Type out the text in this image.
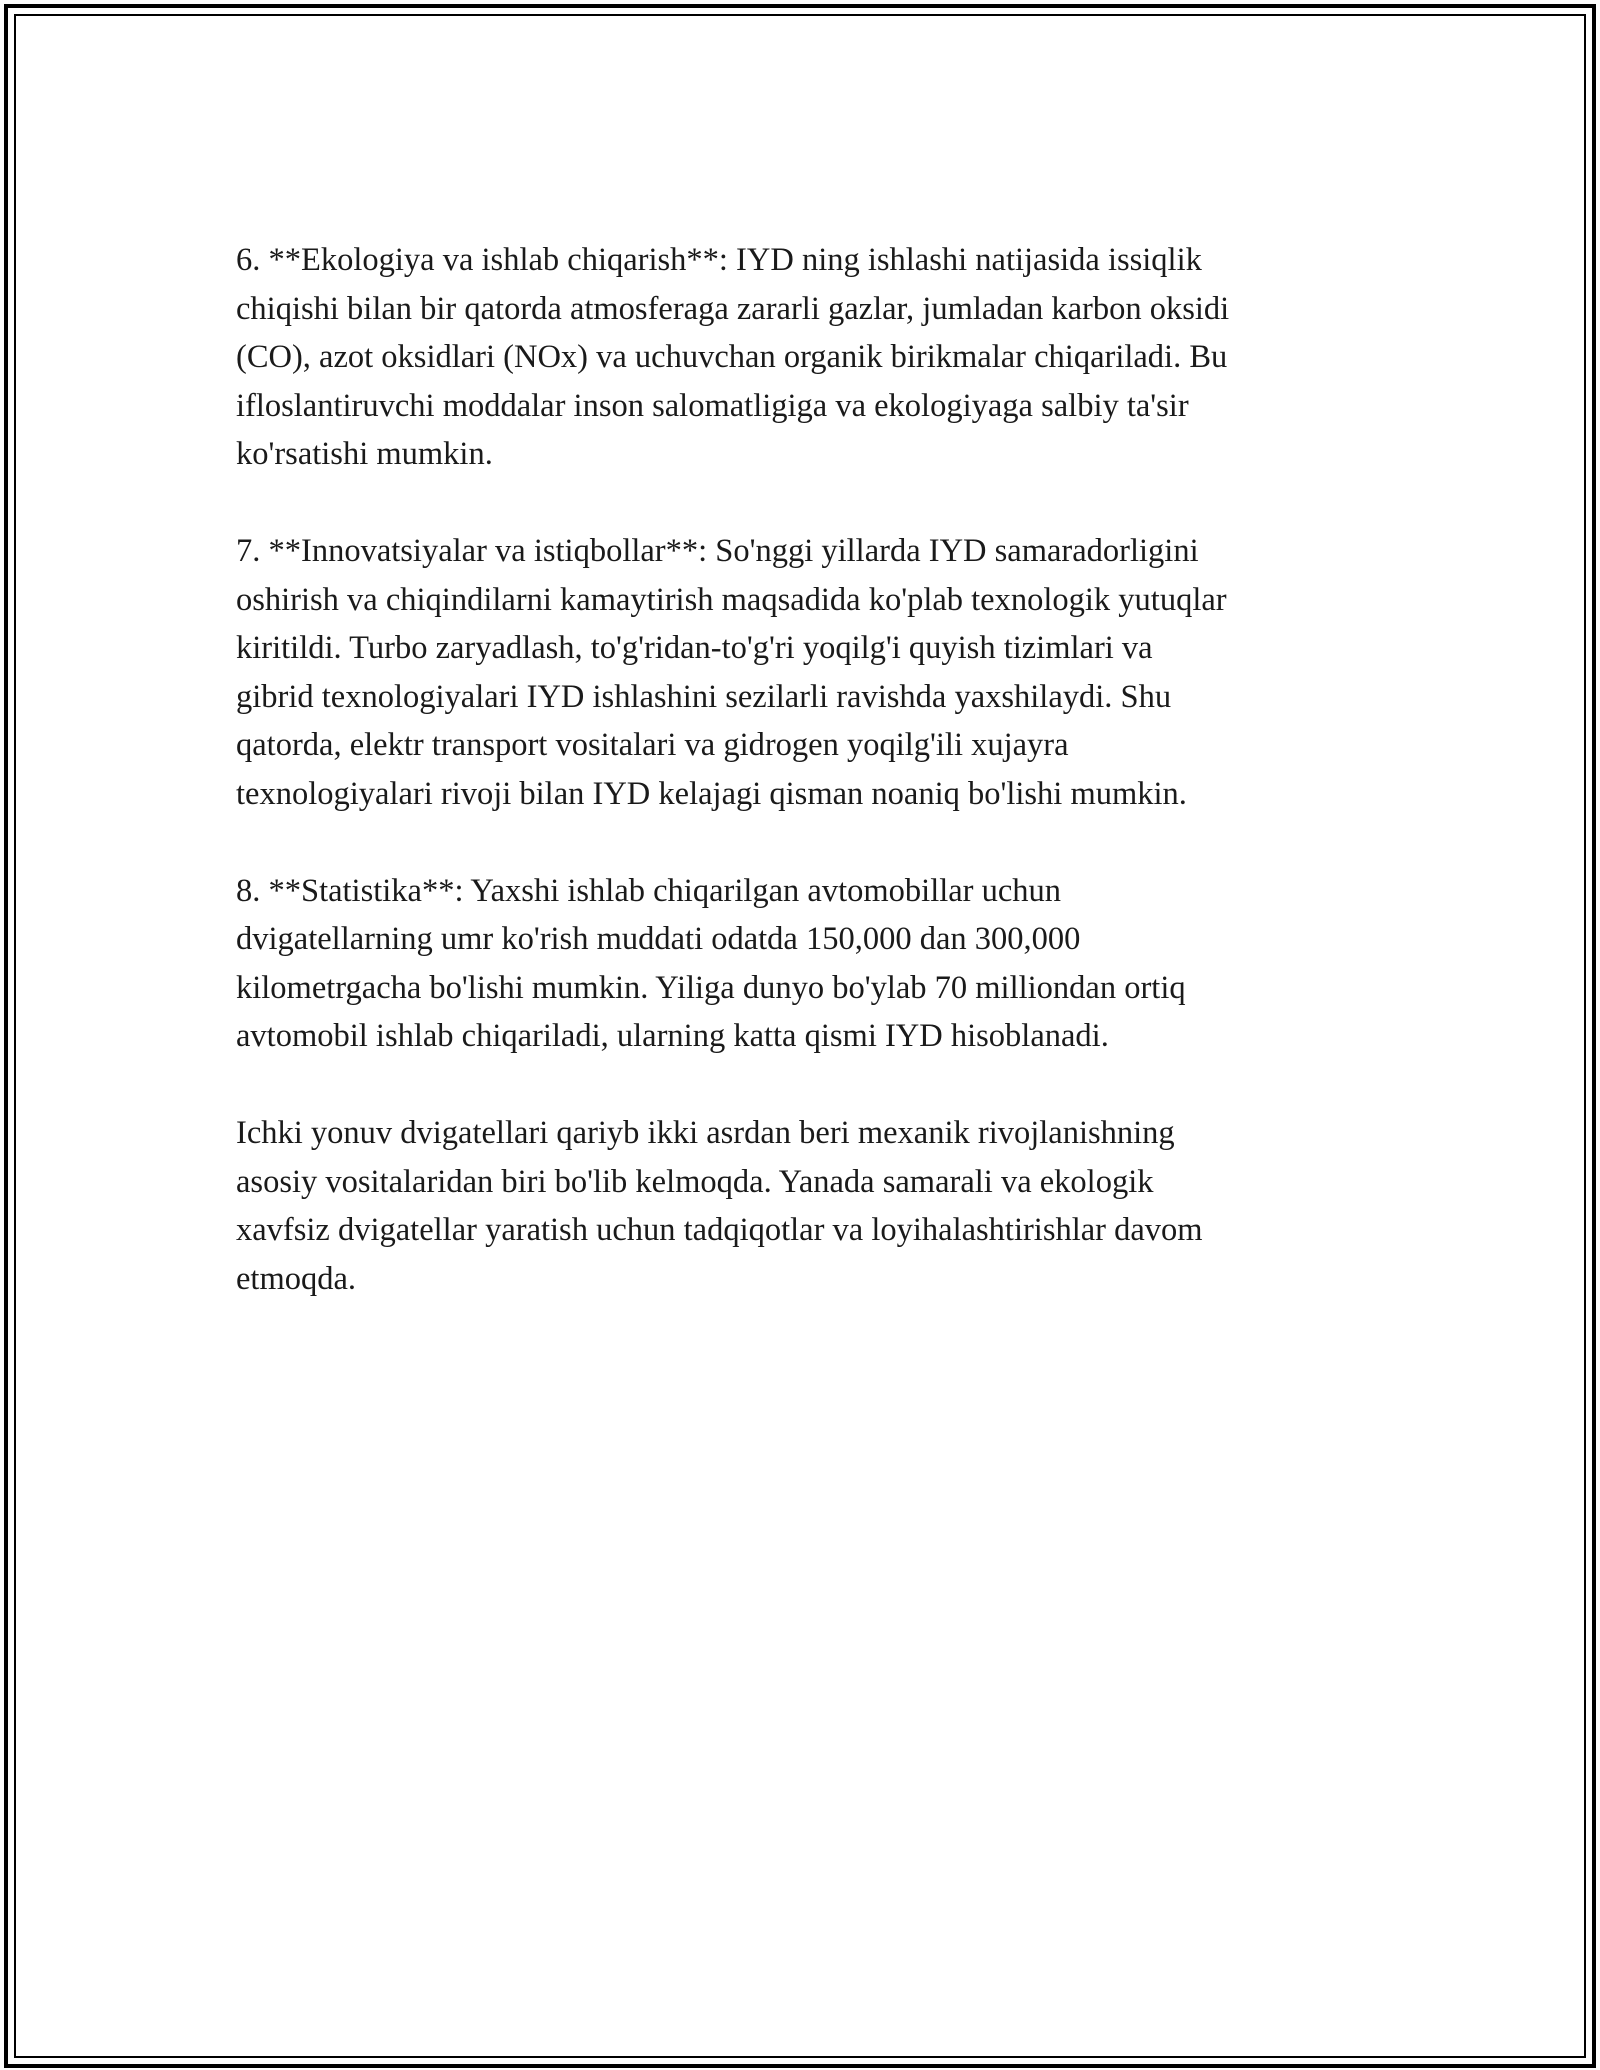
6. **Ekologiya va ishlab chiqarish**: IYD ning ishlashi natijasida issiqlik
chiqishi bilan bir qatorda atmosferaga zararli gazlar, jumladan karbon oksidi
(CO), azot oksidlari (NOx) va uchuvchan organik birikmalar chiqariladi. Bu
ifloslantiruvchi moddalar inson salomatligiga va ekologiyaga salbiy ta'sir
ko'rsatishi mumkin.

7. **Innovatsiyalar va istiqbollar**: So'nggi yillarda IYD samaradorligini
oshirish va chiqindilarni kamaytirish maqsadida ko'plab texnologik yutuqlar
kiritildi. Turbo zaryadlash, to'g'ridan-to'g'ri yoqilg'i quyish tizimlari va
gibrid texnologiyalari IYD ishlashini sezilarli ravishda yaxshilaydi. Shu
qatorda, elektr transport vositalari va gidrogen yoqilg'ili xujayra
texnologiyalari rivoji bilan IYD kelajagi qisman noaniq bo'lishi mumkin.

8. **Statistika**: Yaxshi ishlab chiqarilgan avtomobillar uchun
dvigatellarning umr ko'rish muddati odatda 150,000 dan 300,000
kilometrgacha bo'lishi mumkin. Yiliga dunyo bo'ylab 70 milliondan ortiq
avtomobil ishlab chiqariladi, ularning katta qismi IYD hisoblanadi.

Ichki yonuv dvigatellari qariyb ikki asrdan beri mexanik rivojlanishning
asosiy vositalaridan biri bo'lib kelmoqda. Yanada samarali va ekologik
xavfsiz dvigatellar yaratish uchun tadqiqotlar va loyihalashtirishlar davom
etmoqda.
